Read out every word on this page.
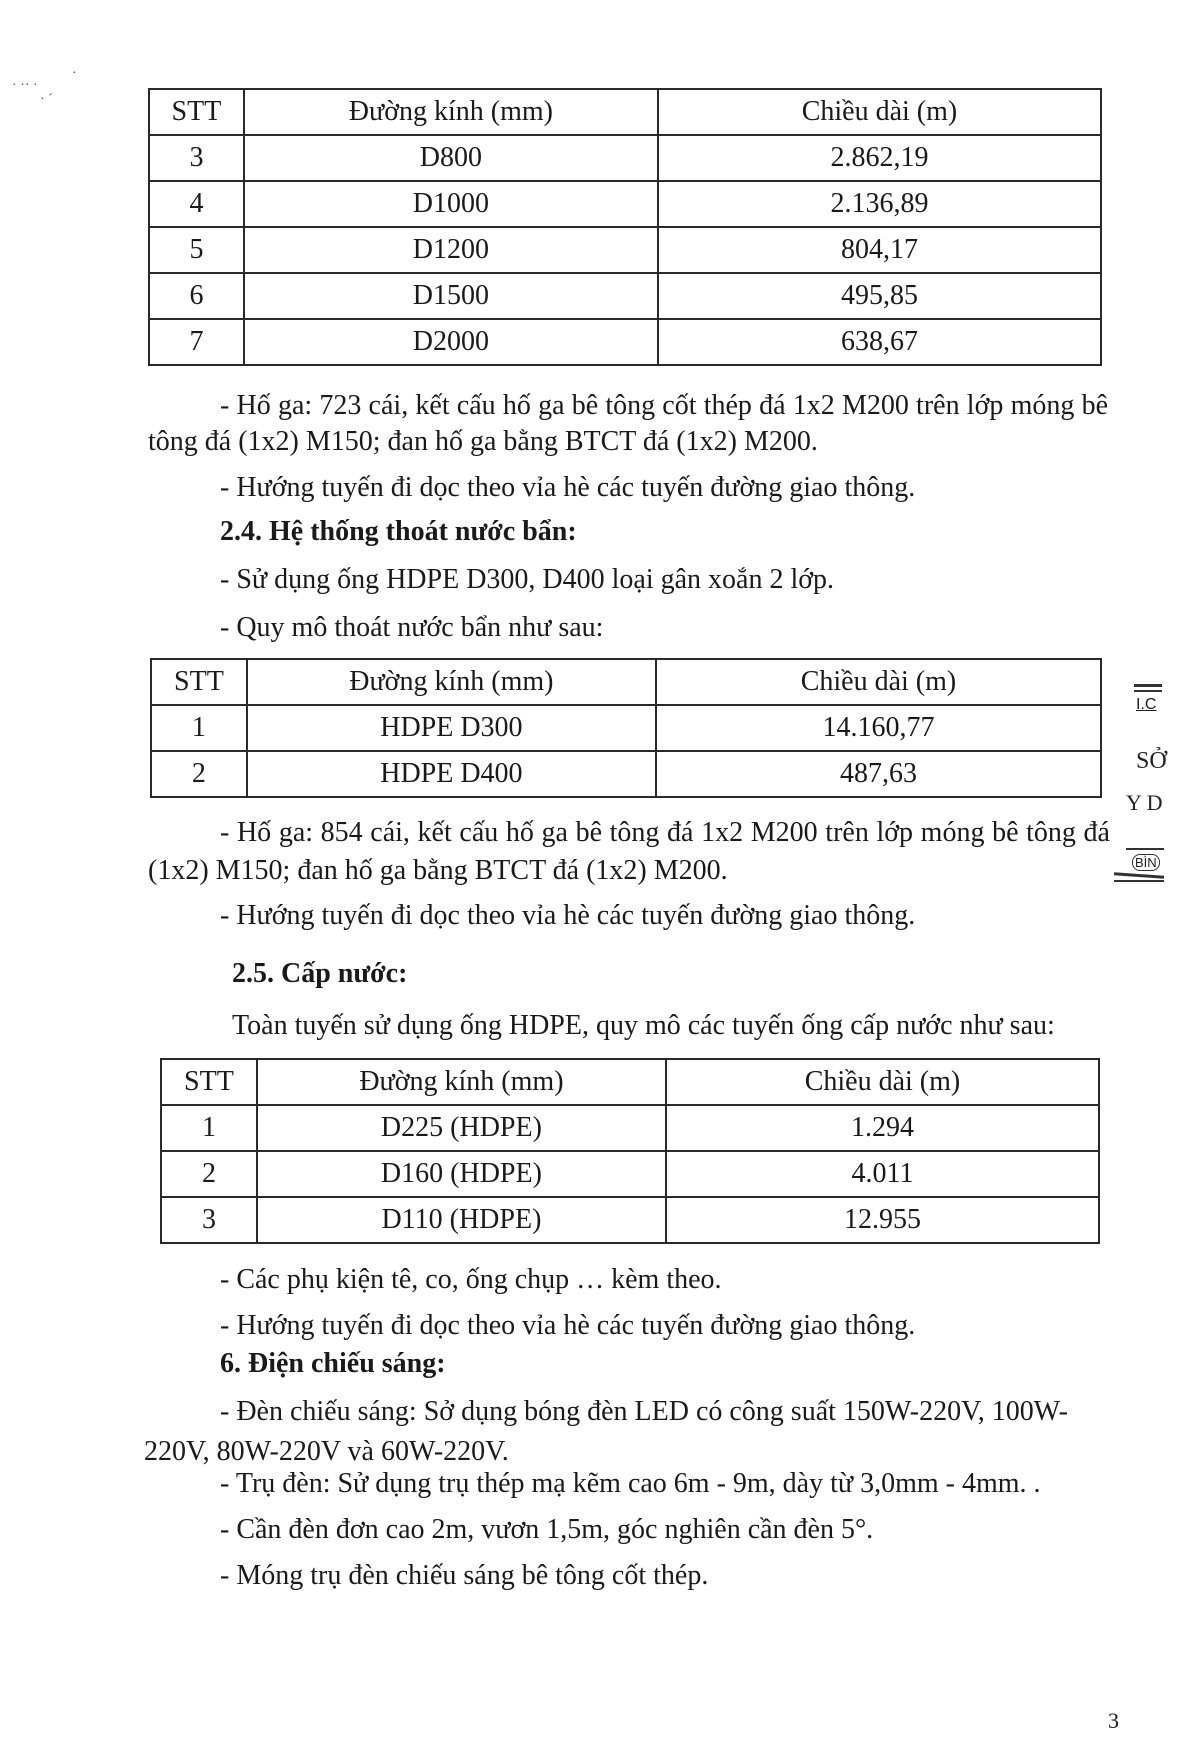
STT	Đường kính (mm)	Chiều dài (m)
3	D800	2.862,19
4	D1000	2.136,89
5	D1200	804,17
6	D1500	495,85
7	D2000	638,67

- Hố ga: 723 cái, kết cấu hố ga bê tông cốt thép đá 1x2 M200 trên lớp móng bê tông đá (1x2) M150; đan hố ga bằng BTCT đá (1x2) M200.

- Hướng tuyến đi dọc theo vỉa hè các tuyến đường giao thông.

2.4. Hệ thống thoát nước bẩn:

- Sử dụng ống HDPE D300, D400 loại gân xoắn 2 lớp.

- Quy mô thoát nước bẩn như sau:

STT	Đường kính (mm)	Chiều dài (m)
1	HDPE D300	14.160,77
2	HDPE D400	487,63

- Hố ga: 854 cái, kết cấu hố ga bê tông đá 1x2 M200 trên lớp móng bê tông đá (1x2) M150; đan hố ga bằng BTCT đá (1x2) M200.

- Hướng tuyến đi dọc theo vỉa hè các tuyến đường giao thông.

2.5. Cấp nước:

Toàn tuyến sử dụng ống HDPE, quy mô các tuyến ống cấp nước như sau:

STT	Đường kính (mm)	Chiều dài (m)
1	D225 (HDPE)	1.294
2	D160 (HDPE)	4.011
3	D110 (HDPE)	12.955

- Các phụ kiện tê, co, ống chụp … kèm theo.

- Hướng tuyến đi dọc theo vỉa hè các tuyến đường giao thông.

6. Điện chiếu sáng:

- Đèn chiếu sáng: Sở dụng bóng đèn LED có công suất 150W-220V, 100W-220V, 80W-220V và 60W-220V.

- Trụ đèn: Sử dụng trụ thép mạ kẽm cao 6m - 9m, dày từ 3,0mm - 4mm. .

- Cần đèn đơn cao 2m, vươn 1,5m, góc nghiên cần đèn 5°.

- Móng trụ đèn chiếu sáng bê tông cốt thép.

I.C
SỞ
Y D
BÌN
3
· ·· ·
· ˊ
·
